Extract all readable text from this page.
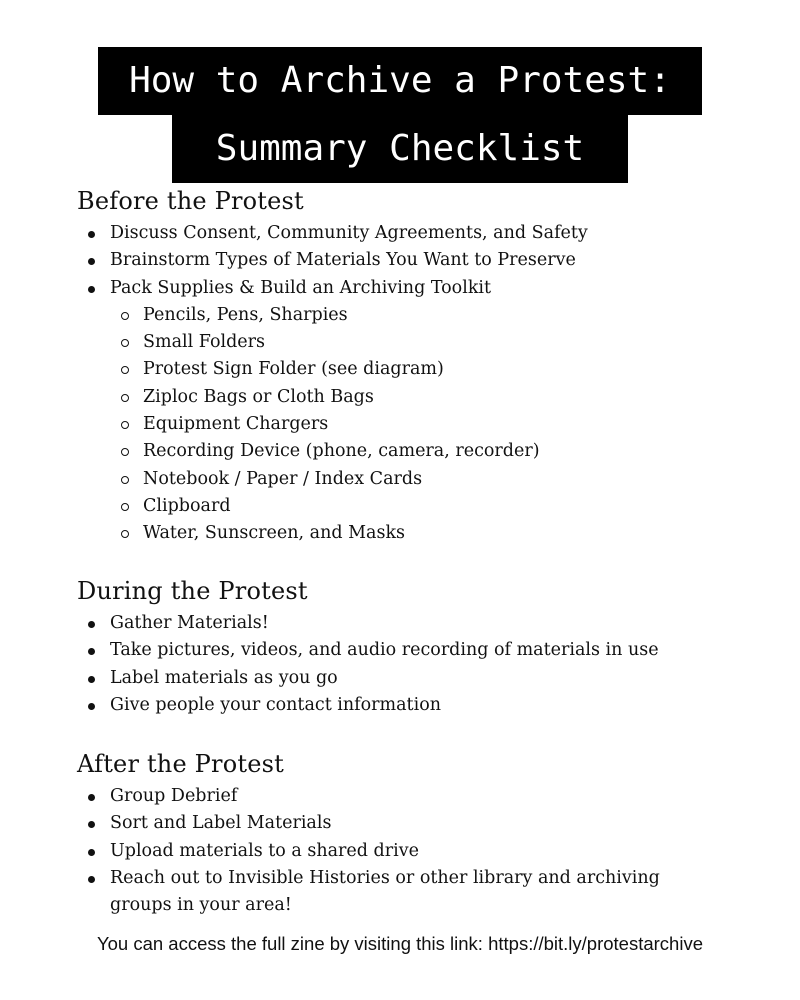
How to Archive a Protest:
Summary Checklist
Before the Protest
Discuss Consent, Community Agreements, and Safety
Brainstorm Types of Materials You Want to Preserve
Pack Supplies & Build an Archiving Toolkit
Pencils, Pens, Sharpies
Small Folders
Protest Sign Folder (see diagram)
Ziploc Bags or Cloth Bags
Equipment Chargers
Recording Device (phone, camera, recorder)
Notebook / Paper / Index Cards
Clipboard
Water, Sunscreen, and Masks
During the Protest
Gather Materials!
Take pictures, videos, and audio recording of materials in use
Label materials as you go
Give people your contact information
After the Protest
Group Debrief
Sort and Label Materials
Upload materials to a shared drive
Reach out to Invisible Histories or other library and archiving groups in your area!
You can access the full zine by visiting this link: https://bit.ly/protestarchive
